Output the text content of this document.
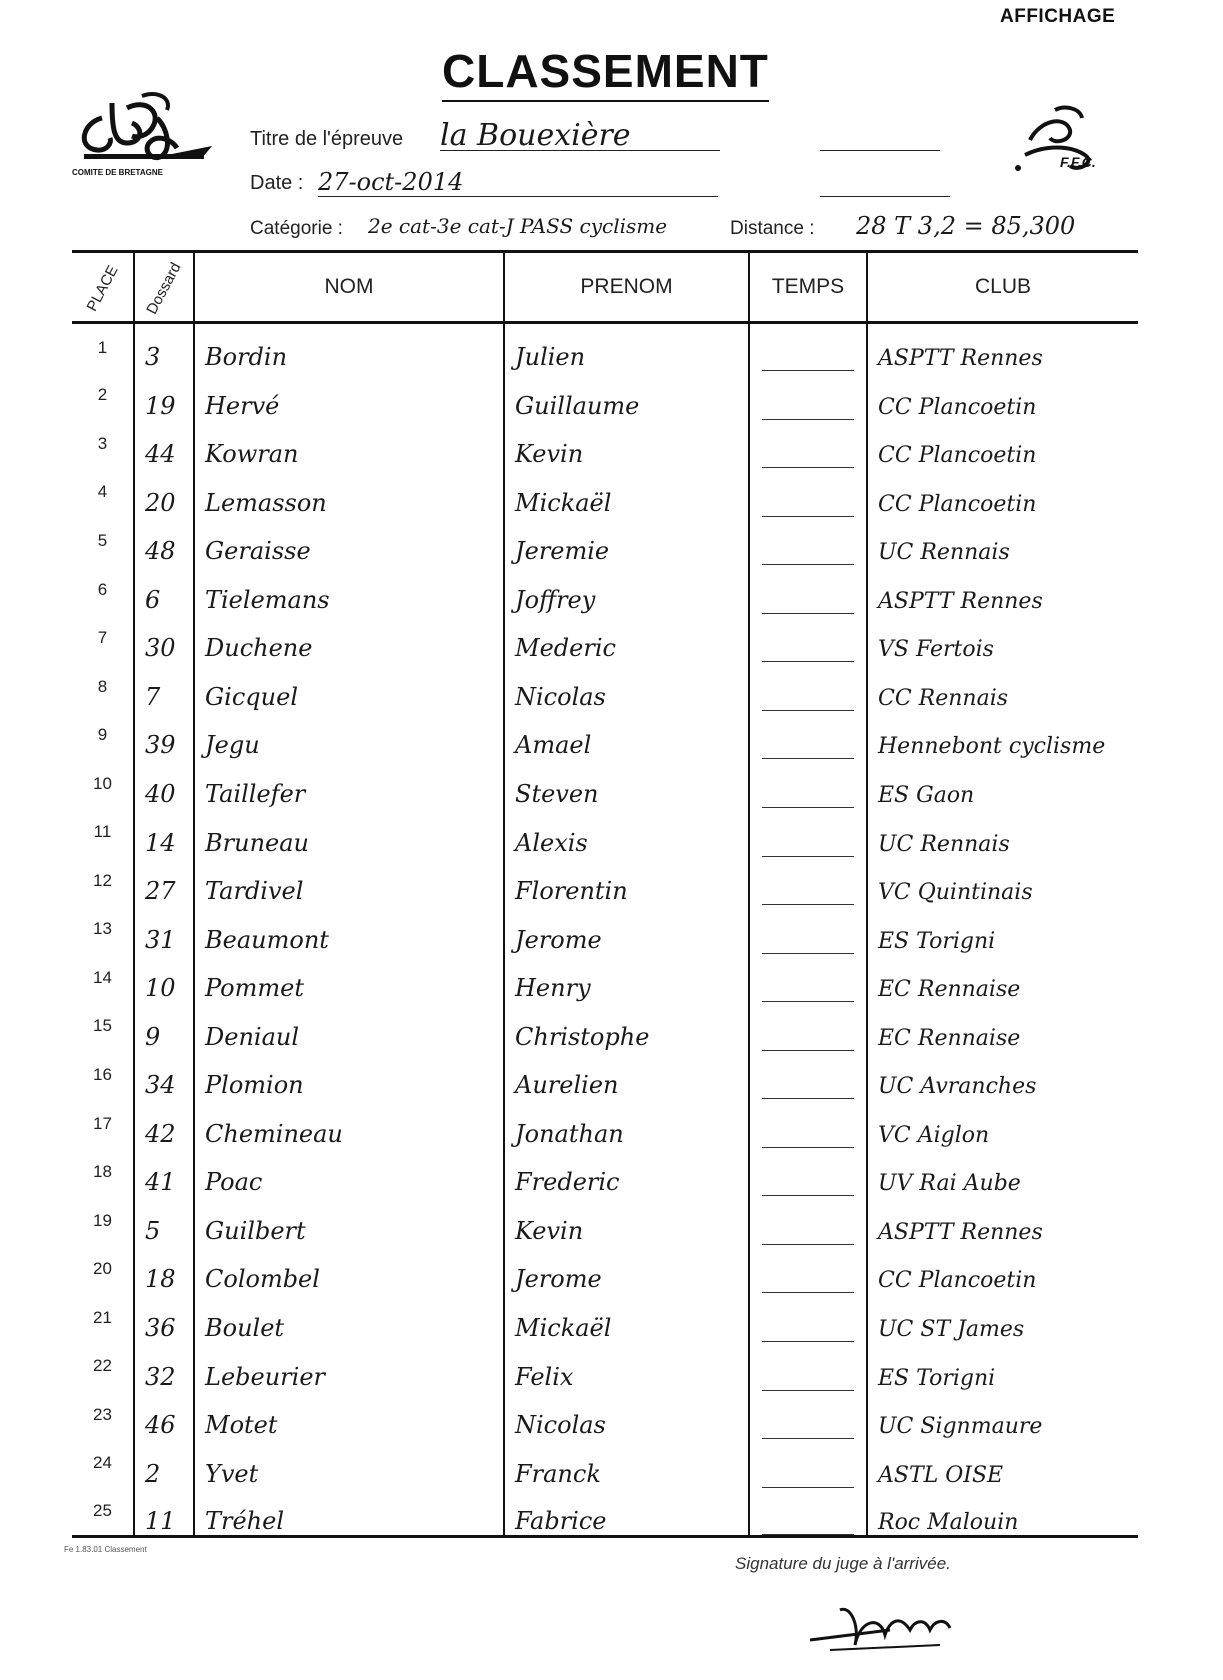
AFFICHAGE
CLASSEMENT
COMITE DE BRETAGNE
F.F.C.
Titre de l'épreuve la Bouexière
Date : 27-oct-2014
Catégorie : 2e cat-3e cat-J PASS cyclisme	Distance : 28 T 3,2 = 85,300
PLACE	Dossard	NOM	PRENOM	TEMPS	CLUB
1	3	Bordin	Julien		ASPTT Rennes
2	19	Hervé	Guillaume		CC Plancoetin
3	44	Kowran	Kevin		CC Plancoetin
4	20	Lemasson	Mickaël		CC Plancoetin
5	48	Geraisse	Jeremie		UC Rennais
6	6	Tielemans	Joffrey		ASPTT Rennes
7	30	Duchene	Mederic		VS Fertois
8	7	Gicquel	Nicolas		CC Rennais
9	39	Jegu	Amael		Hennebont cyclisme
10	40	Taillefer	Steven		ES Gaon
11	14	Bruneau	Alexis		UC Rennais
12	27	Tardivel	Florentin		VC Quintinais
13	31	Beaumont	Jerome		ES Torigni
14	10	Pommet	Henry		EC Rennaise
15	9	Deniaul	Christophe		EC Rennaise
16	34	Plomion	Aurelien		UC Avranches
17	42	Chemineau	Jonathan		VC Aiglon
18	41	Poac	Frederic		UV Rai Aube
19	5	Guilbert	Kevin		ASPTT Rennes
20	18	Colombel	Jerome		CC Plancoetin
21	36	Boulet	Mickaël		UC ST James
22	32	Lebeurier	Felix		ES Torigni
23	46	Motet	Nicolas		UC Signmaure
24	2	Yvet	Franck		ASTL OISE
25	11	Tréhel	Fabrice		Roc Malouin
Fe 1.83.01 Classement
Signature du juge à l'arrivée.
